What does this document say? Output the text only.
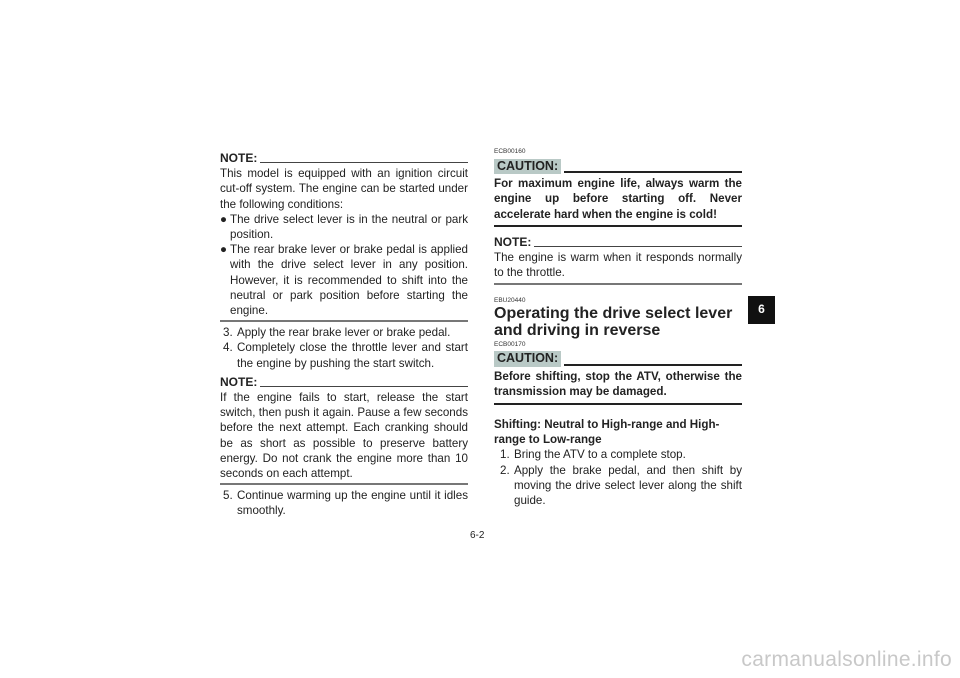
NOTE:
This model is equipped with an ignition circuit cut-off system. The engine can be started under the following conditions:
● The drive select lever is in the neutral or park position.
● The rear brake lever or brake pedal is applied with the drive select lever in any position. However, it is recommended to shift into the neutral or park position before starting the engine.
3. Apply the rear brake lever or brake pedal.
4. Completely close the throttle lever and start the engine by pushing the start switch.
NOTE:
If the engine fails to start, release the start switch, then push it again. Pause a few seconds before the next attempt. Each cranking should be as short as possible to preserve battery energy. Do not crank the engine more than 10 seconds on each attempt.
5. Continue warming up the engine until it idles smoothly.
ECB00160
CAUTION:
For maximum engine life, always warm the engine up before starting off. Never accelerate hard when the engine is cold!
NOTE:
The engine is warm when it responds normally to the throttle.
EBU20440
Operating the drive select lever and driving in reverse
ECB00170
CAUTION:
Before shifting, stop the ATV, otherwise the transmission may be damaged.
Shifting: Neutral to High-range and High-range to Low-range
1. Bring the ATV to a complete stop.
2. Apply the brake pedal, and then shift by moving the drive select lever along the shift guide.
6
6-2
carmanualsonline.info
